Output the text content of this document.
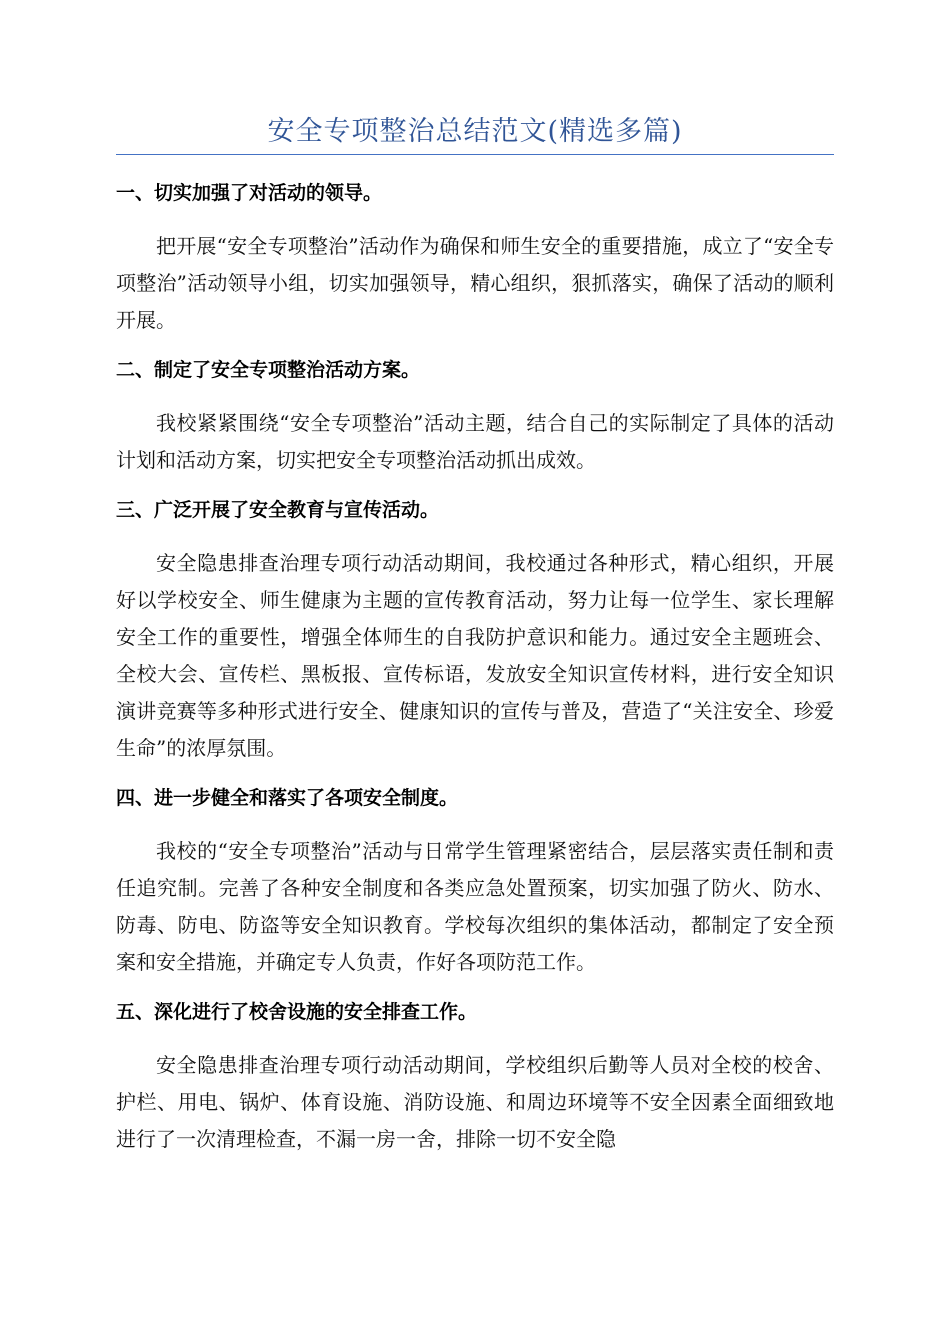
安全专项整治总结范文(精选多篇)

一、切实加强了对活动的领导。

把开展“安全专项整治”活动作为确保和师生安全的重要措施，成立了“安全专项整治”活动领导小组，切实加强领导，精心组织，狠抓落实，确保了活动的顺利开展。

二、制定了安全专项整治活动方案。

我校紧紧围绕“安全专项整治”活动主题，结合自己的实际制定了具体的活动计划和活动方案，切实把安全专项整治活动抓出成效。

三、广泛开展了安全教育与宣传活动。

安全隐患排查治理专项行动活动期间，我校通过各种形式，精心组织，开展好以学校安全、师生健康为主题的宣传教育活动，努力让每一位学生、家长理解安全工作的重要性，增强全体师生的自我防护意识和能力。通过安全主题班会、全校大会、宣传栏、黑板报、宣传标语，发放安全知识宣传材料，进行安全知识演讲竞赛等多种形式进行安全、健康知识的宣传与普及，营造了“关注安全、珍爱生命”的浓厚氛围。

四、进一步健全和落实了各项安全制度。

我校的“安全专项整治”活动与日常学生管理紧密结合，层层落实责任制和责任追究制。完善了各种安全制度和各类应急处置预案，切实加强了防火、防水、防毒、防电、防盗等安全知识教育。学校每次组织的集体活动，都制定了安全预案和安全措施，并确定专人负责，作好各项防范工作。

五、深化进行了校舍设施的安全排查工作。

安全隐患排查治理专项行动活动期间，学校组织后勤等人员对全校的校舍、护栏、用电、锅炉、体育设施、消防设施、和周边环境等不安全因素全面细致地进行了一次清理检查，不漏一房一舍，排除一切不安全隐
